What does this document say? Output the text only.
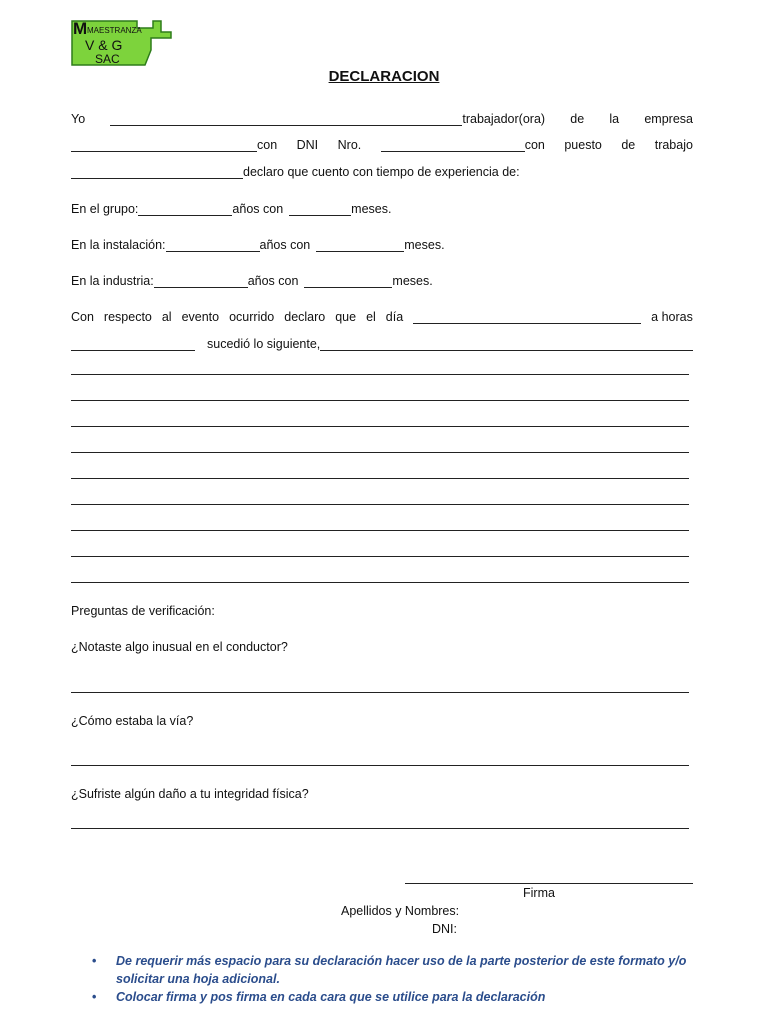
M MAESTRANZA
V & G
SAC
DECLARACION
Yo	trabajador(ora) de la empresa
con DNI Nro.	con puesto de trabajo
declaro que cuento con tiempo de experiencia de:
En el grupo:	años con	meses.
En la instalación:	años con	meses.
En la industria:	años con	meses.
Con respecto al evento ocurrido declaro que el día	a horas
sucedió lo siguiente,
Preguntas de verificación:
¿Notaste algo inusual en el conductor?
¿Cómo estaba la vía?
¿Sufriste algún daño a tu integridad física?
Firma
Apellidos y Nombres:
DNI:
• De requerir más espacio para su declaración hacer uso de la parte posterior de este formato y/o solicitar una hoja adicional.
• Colocar firma y pos firma en cada cara que se utilice para la declaración
